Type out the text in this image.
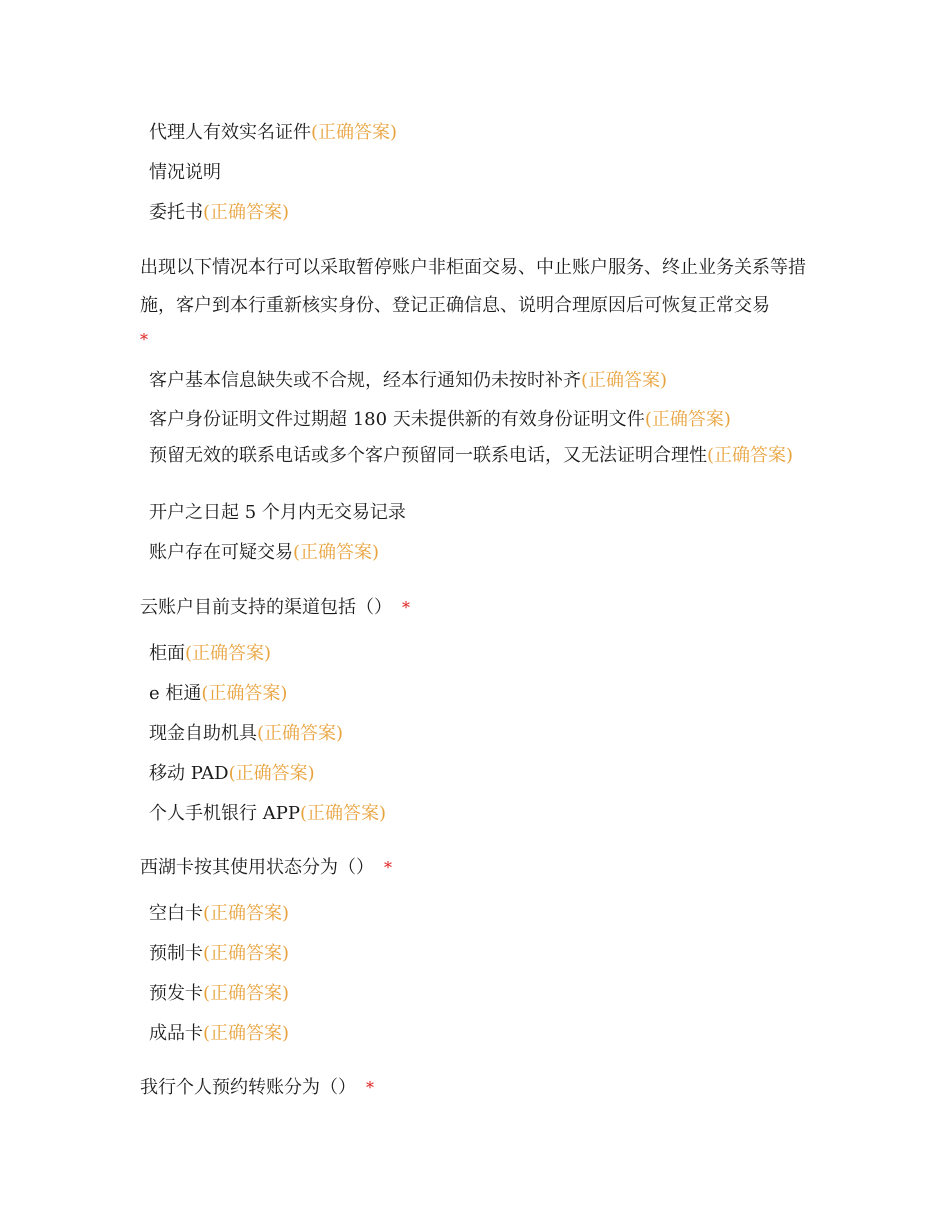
代理人有效实名证件(正确答案)
情况说明
委托书(正确答案)
出现以下情况本行可以采取暂停账户非柜面交易、中止账户服务、终止业务关系等措施，客户到本行重新核实身份、登记正确信息、说明合理原因后可恢复正常交易
*
客户基本信息缺失或不合规，经本行通知仍未按时补齐(正确答案)
客户身份证明文件过期超 180 天未提供新的有效身份证明文件(正确答案)
预留无效的联系电话或多个客户预留同一联系电话，又无法证明合理性(正确答案)
开户之日起 5 个月内无交易记录
账户存在可疑交易(正确答案)
云账户目前支持的渠道包括（） *
柜面(正确答案)
e 柜通(正确答案)
现金自助机具(正确答案)
移动 PAD(正确答案)
个人手机银行 APP(正确答案)
西湖卡按其使用状态分为（） *
空白卡(正确答案)
预制卡(正确答案)
预发卡(正确答案)
成品卡(正确答案)
我行个人预约转账分为（） *
